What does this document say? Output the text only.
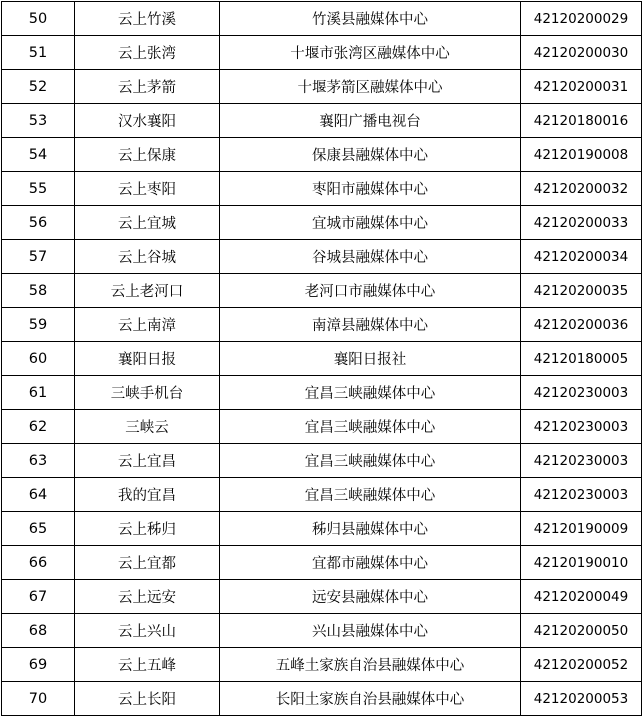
50	云上竹溪	竹溪县融媒体中心	42120200029
51	云上张湾	十堰市张湾区融媒体中心	42120200030
52	云上茅箭	十堰茅箭区融媒体中心	42120200031
53	汉水襄阳	襄阳广播电视台	42120180016
54	云上保康	保康县融媒体中心	42120190008
55	云上枣阳	枣阳市融媒体中心	42120200032
56	云上宜城	宜城市融媒体中心	42120200033
57	云上谷城	谷城县融媒体中心	42120200034
58	云上老河口	老河口市融媒体中心	42120200035
59	云上南漳	南漳县融媒体中心	42120200036
60	襄阳日报	襄阳日报社	42120180005
61	三峡手机台	宜昌三峡融媒体中心	42120230003
62	三峡云	宜昌三峡融媒体中心	42120230003
63	云上宜昌	宜昌三峡融媒体中心	42120230003
64	我的宜昌	宜昌三峡融媒体中心	42120230003
65	云上秭归	秭归县融媒体中心	42120190009
66	云上宜都	宜都市融媒体中心	42120190010
67	云上远安	远安县融媒体中心	42120200049
68	云上兴山	兴山县融媒体中心	42120200050
69	云上五峰	五峰土家族自治县融媒体中心	42120200052
70	云上长阳	长阳土家族自治县融媒体中心	42120200053
